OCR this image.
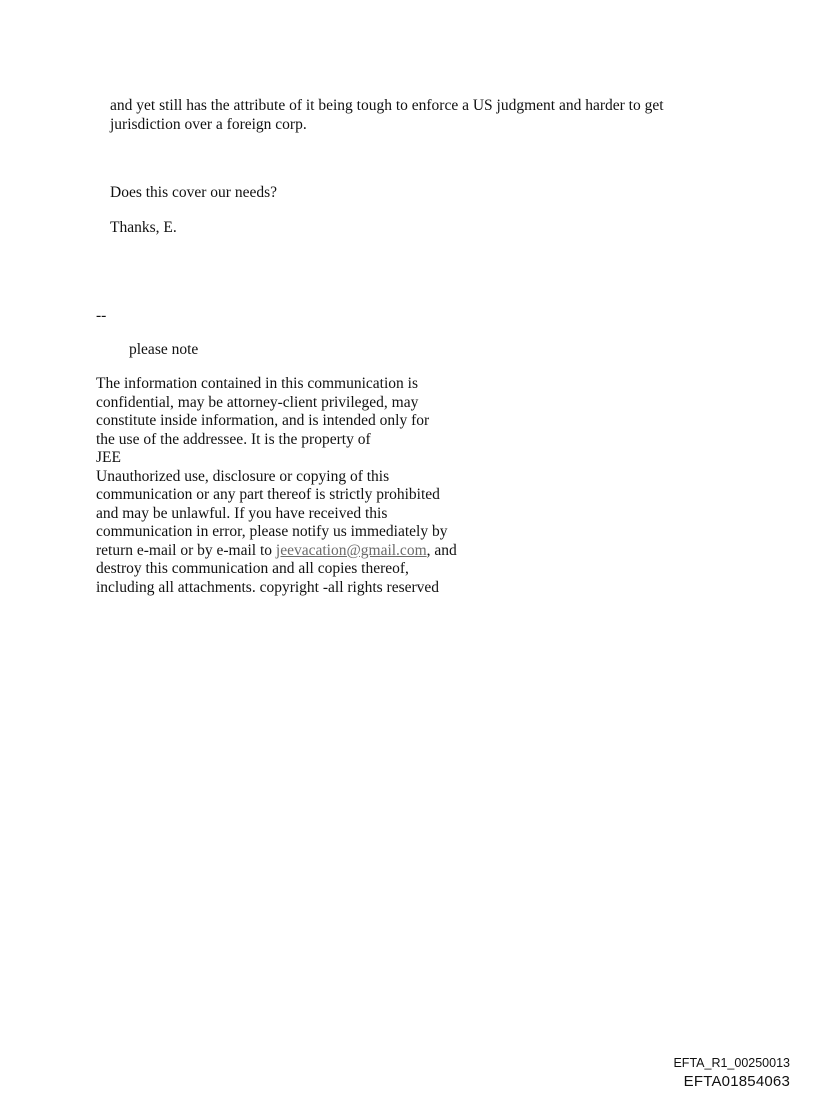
and yet still has the attribute of it being tough to enforce a US judgment and harder to get
jurisdiction over a foreign corp.
Does this cover our needs?
Thanks, E.
--
please note
The information contained in this communication is
confidential, may be attorney-client privileged, may
constitute inside information, and is intended only for
the use of the addressee. It is the property of
JEE
Unauthorized use, disclosure or copying of this
communication or any part thereof is strictly prohibited
and may be unlawful. If you have received this
communication in error, please notify us immediately by
return e-mail or by e-mail to jeevacation@gmail.com, and
destroy this communication and all copies thereof,
including all attachments. copyright -all rights reserved
EFTA_R1_00250013
EFTA01854063
